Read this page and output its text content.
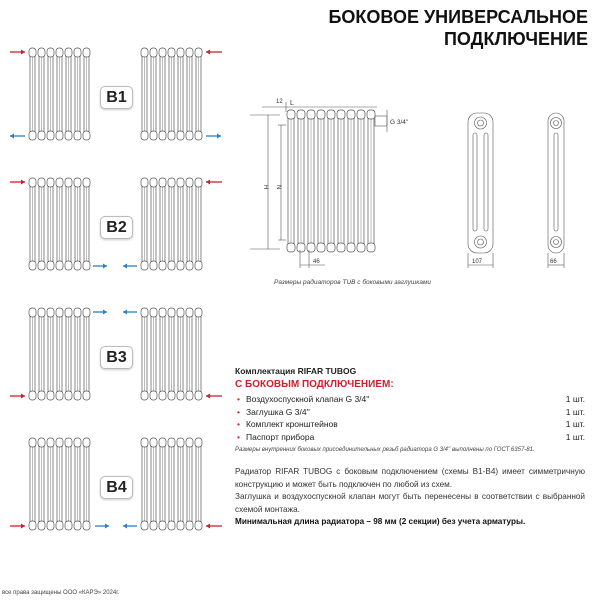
БОКОВОЕ УНИВЕРСАЛЬНОЕ
ПОДКЛЮЧЕНИЕ
B1
B2
B3
B4
L
12
G 3/4''
H N
46	107	66
Размеры радиаторов TUB с боковыми заглушками
Комплектация RIFAR TUBOG
С БОКОВЫМ ПОДКЛЮЧЕНИЕМ:
• Воздухоспускной клапан G 3/4''	1 шт.
• Заглушка G 3/4''	1 шт.
• Комплект кронштейнов	1 шт.
• Паспорт прибора	1 шт.
Размеры внутренних боковых присоединительных резьб радиатора G 3/4'' выполнены по ГОСТ 6357-81.
Радиатор RIFAR TUBOG с боковым подключением (схемы B1-B4) имеет симметричную конструкцию и может быть подключен по любой из схем.
Заглушка и воздухоспускной клапан могут быть перенесены в соответствии с выбранной схемой монтажа.
Минимальная длина радиатора – 98 мм (2 секции) без учета арматуры.
все права защищены ООО «КАРЭ» 2024г.
